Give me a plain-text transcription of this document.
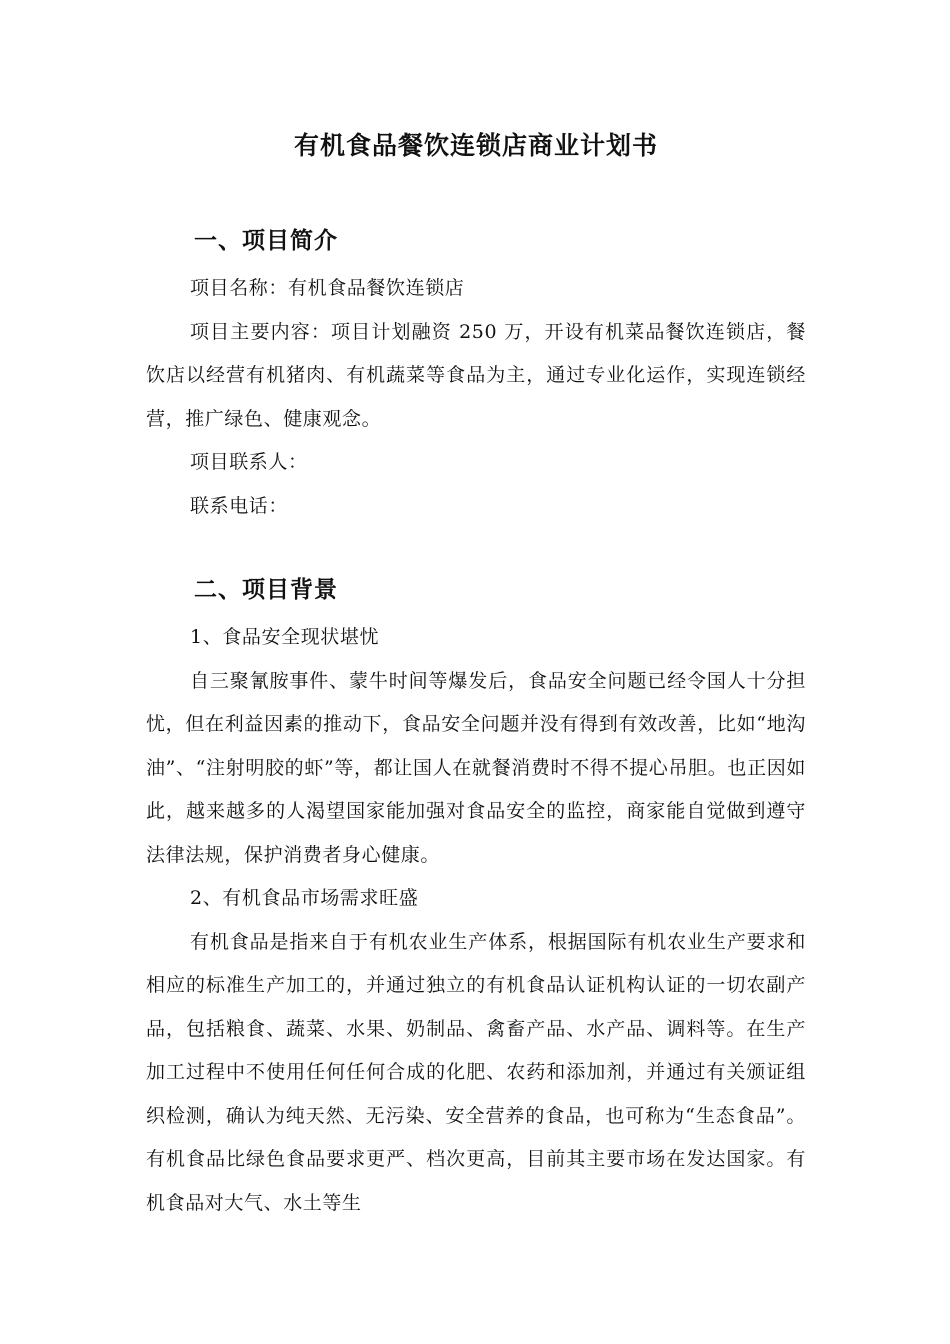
有机食品餐饮连锁店商业计划书
一、项目简介

项目名称：有机食品餐饮连锁店

项目主要内容：项目计划融资 250 万，开设有机菜品餐饮连锁店，餐饮店以经营有机猪肉、有机蔬菜等食品为主，通过专业化运作，实现连锁经营，推广绿色、健康观念。

项目联系人：

联系电话：

二、项目背景

1、食品安全现状堪忧

自三聚氰胺事件、蒙牛时间等爆发后，食品安全问题已经令国人十分担忧，但在利益因素的推动下，食品安全问题并没有得到有效改善，比如“地沟油”、“注射明胶的虾”等，都让国人在就餐消费时不得不提心吊胆。也正因如此，越来越多的人渴望国家能加强对食品安全的监控，商家能自觉做到遵守法律法规，保护消费者身心健康。

2、有机食品市场需求旺盛

有机食品是指来自于有机农业生产体系，根据国际有机农业生产要求和相应的标准生产加工的，并通过独立的有机食品认证机构认证的一切农副产品，包括粮食、蔬菜、水果、奶制品、禽畜产品、水产品、调料等。在生产加工过程中不使用任何任何合成的化肥、农药和添加剂，并通过有关颁证组织检测，确认为纯天然、无污染、安全营养的食品，也可称为“生态食品”。有机食品比绿色食品要求更严、档次更高，目前其主要市场在发达国家。有机食品对大气、水土等生
